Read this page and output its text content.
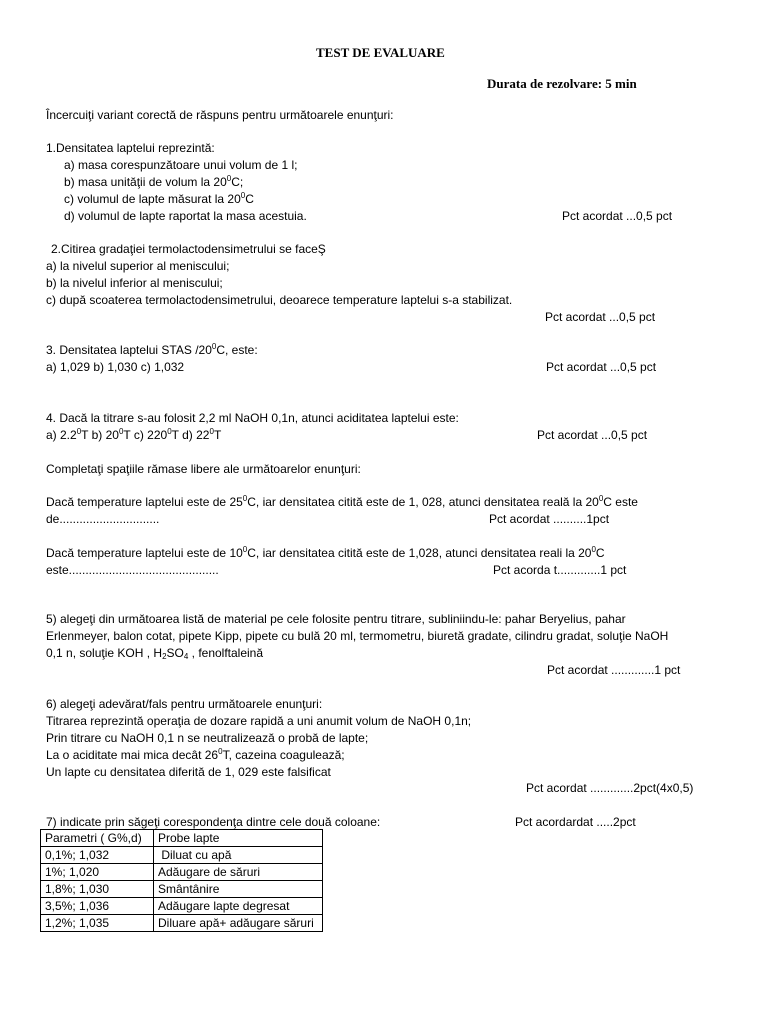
TEST DE EVALUARE
Durata de rezolvare: 5 min
Încercuiţi variant corectă de răspuns pentru următoarele enunţuri:
1.Densitatea laptelui reprezintă:
a) masa corespunzătoare unui volum de 1 l;
b) masa unităţii de volum la $20^0C$;
c) volumul de lapte măsurat la $20^0C$
d) volumul de lapte raportat la masa acestuia.	Pct acordat ...0,5 pct
2.Citirea gradaţiei termolactodensimetrului se faceŞ
a) la nivelul superior al meniscului;
b) la nivelul inferior al meniscului;
c) după scoaterea termolactodensimetrului, deoarece temperature laptelui s-a stabilizat.
Pct acordat ...0,5 pct
3. Densitatea laptelui STAS $/20^0C$, este:
a) 1,029 b) 1,030 c) 1,032	Pct acordat ...0,5 pct
4. Dacă la titrare s-au folosit 2,2 ml NaOH 0,1n, atunci aciditatea laptelui este:
a) $2.2^0T$ b) $20^0T$ c) $220^0T$ d) $22^0T$	Pct acordat ...0,5 pct
Completaţi spaţiile rămase libere ale următoarelor enunţuri:
Dacă temperature laptelui este de $25^0C$, iar densitatea citită este de 1, 028, atunci densitatea reală la $20^0C$ este
de..............................	Pct acordat ..........1pct
Dacă temperature laptelui este de $10^0C$, iar densitatea citită este de 1,028, atunci densitatea reali la $20^0C$
este.............................................	Pct acorda t.............1 pct
5) alegeţi din următoarea listă de material pe cele folosite pentru titrare, subliniindu-le: pahar Beryelius, pahar
Erlenmeyer, balon cotat, pipete Kipp, pipete cu bulă 20 ml, termometru, biuretă gradate, cilindru gradat, soluţie NaOH
0,1 n, soluţie KOH , $H_2SO_4$ , fenolftaleină
Pct acordat .............1 pct
6) alegeţi adevărat/fals pentru următoarele enunţuri:
Titrarea reprezintă operaţia de dozare rapidă a uni anumit volum de NaOH 0,1n;
Prin titrare cu NaOH 0,1 n se neutralizează o probă de lapte;
La o aciditate mai mica decât $26^0T$, cazeina coagulează;
Un lapte cu densitatea diferită de 1, 029 este falsificat
Pct acordat .............2pct(4x0,5)
7) indicate prin săgeţi corespondenţa dintre cele două coloane:	Pct acordardat .....2pct
Parametri ( G%,d)	Probe lapte
0,1%; 1,032	Diluat cu apă
1%; 1,020	Adăugare de săruri
1,8%; 1,030	Smântânire
3,5%; 1,036	Adăugare lapte degresat
1,2%; 1,035	Diluare apă+ adăugare săruri
